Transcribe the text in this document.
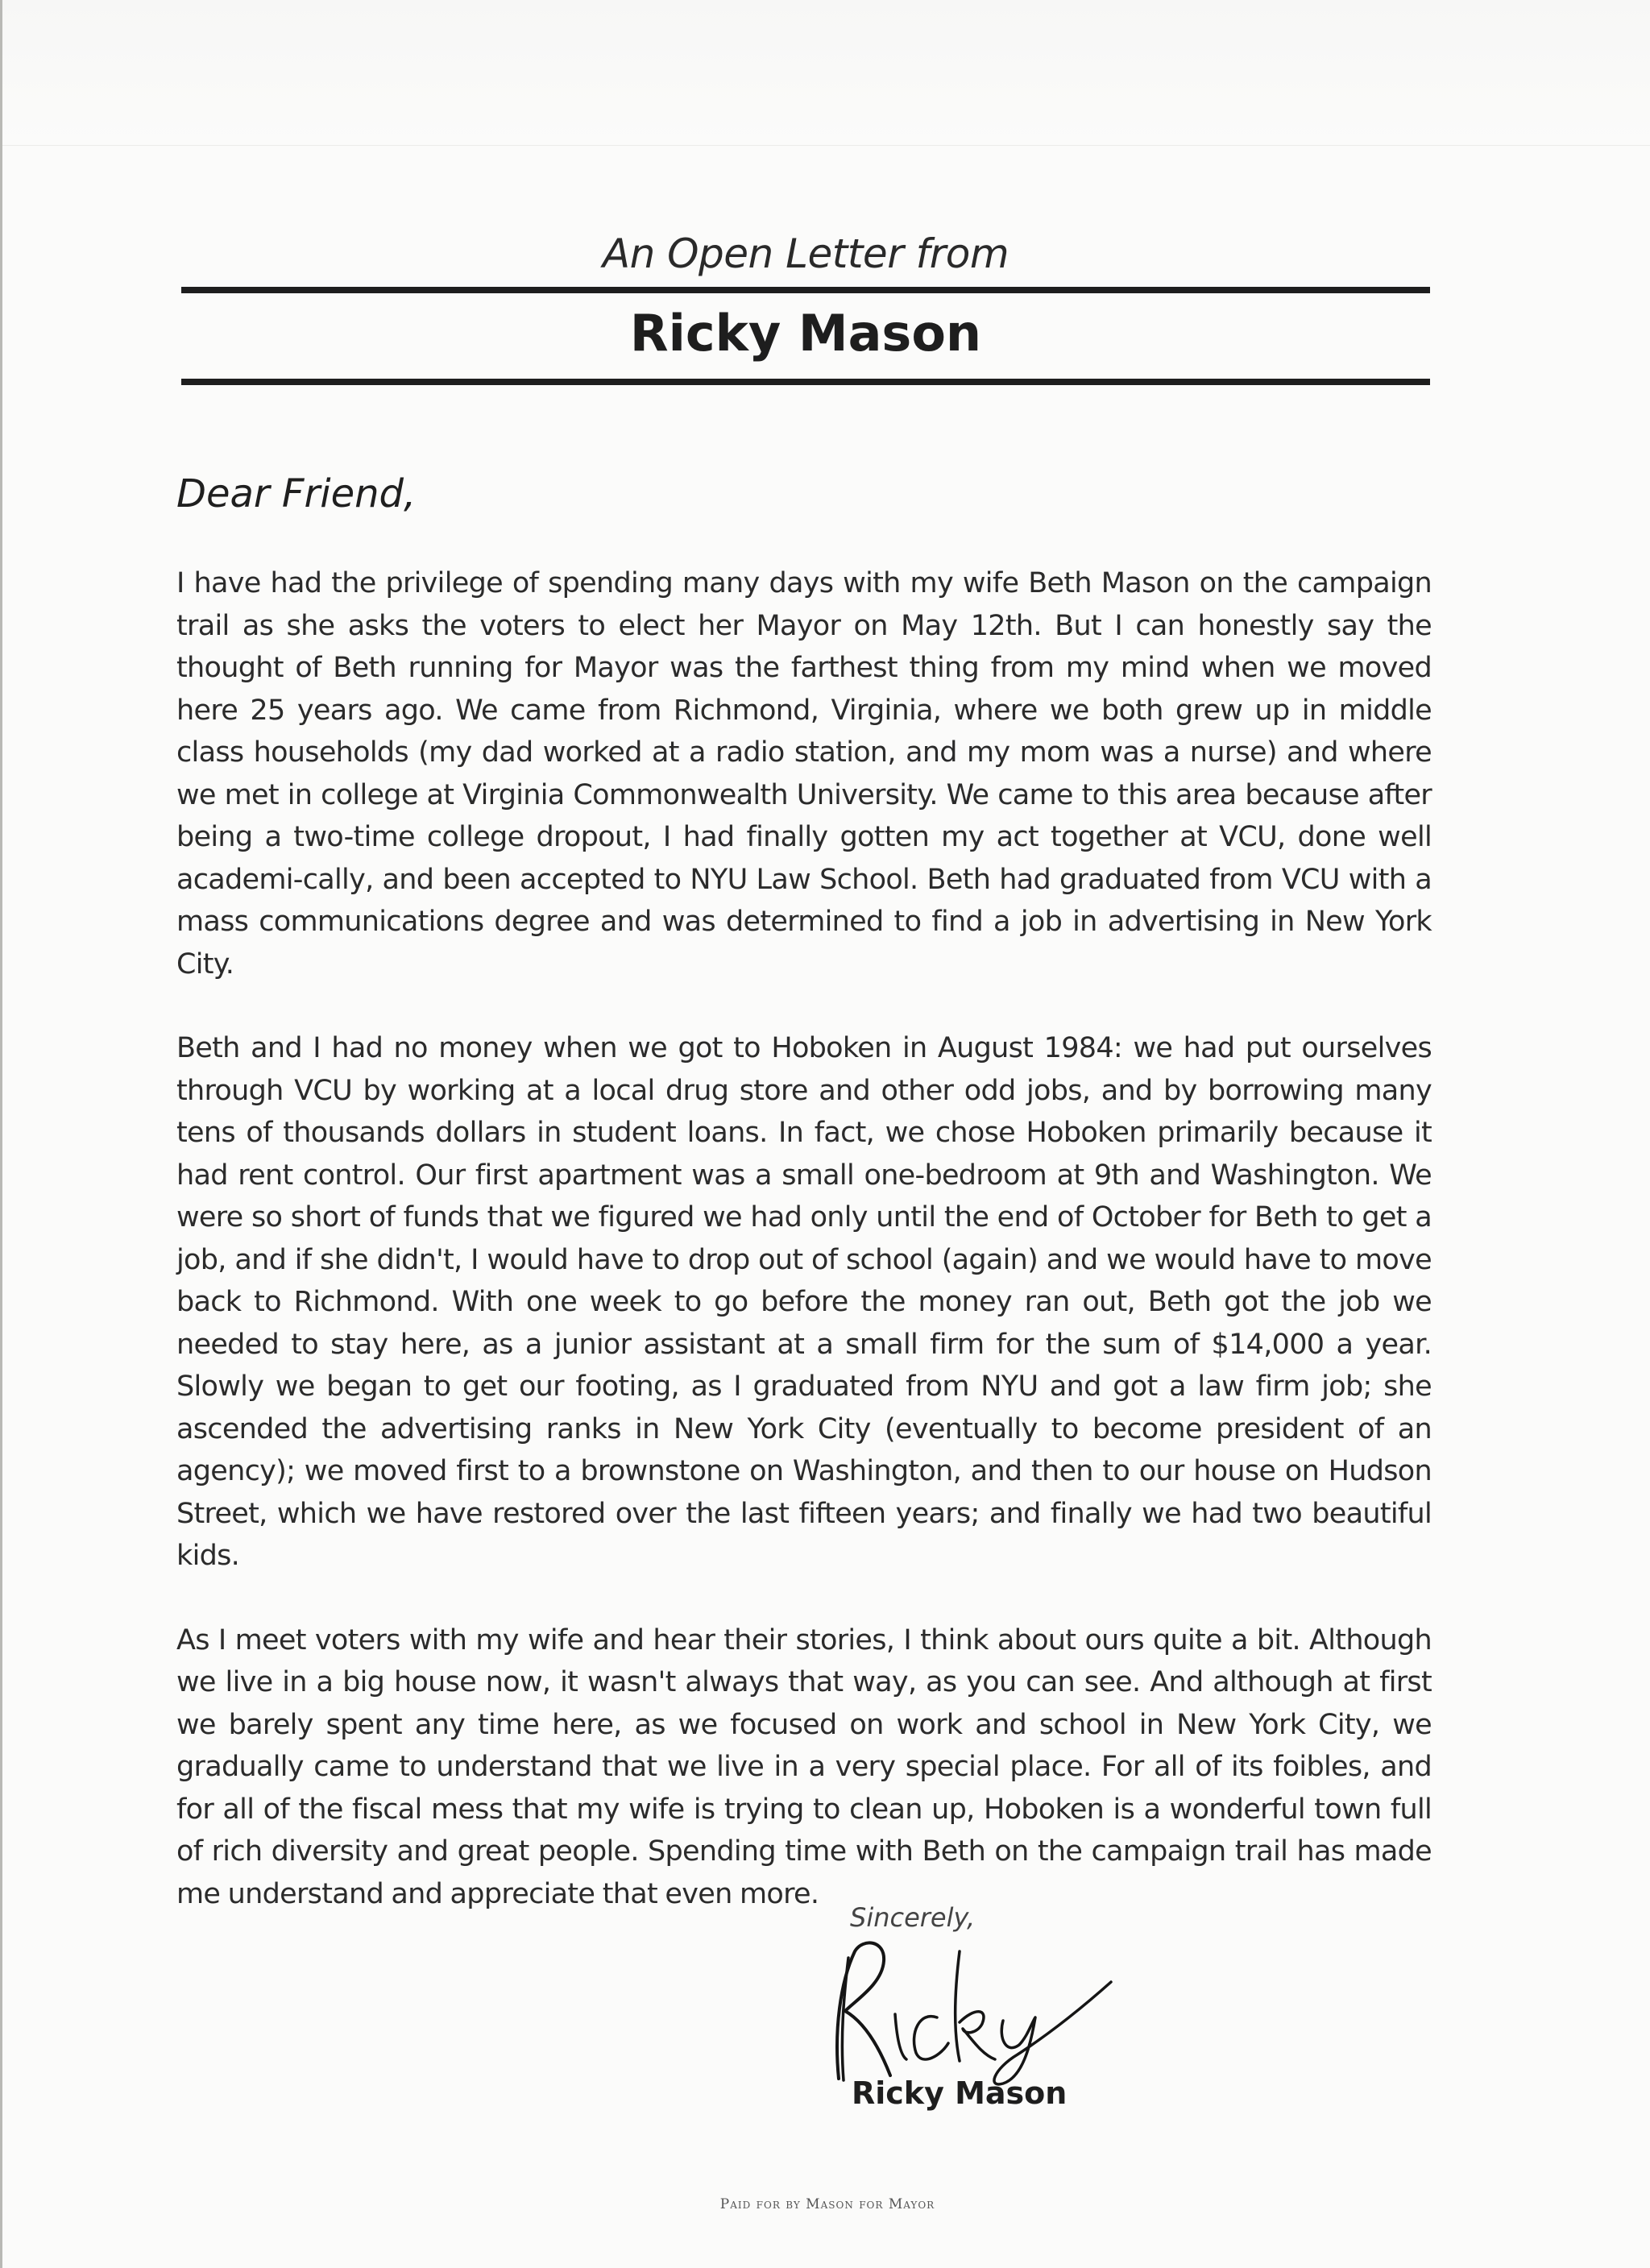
An Open Letter from
Ricky Mason
Dear Friend,

I have had the privilege of spending many days with my wife Beth Mason on the campaign trail as she asks the voters to elect her Mayor on May 12th. But I can honestly say the thought of Beth running for Mayor was the farthest thing from my mind when we moved here 25 years ago. We came from Richmond, Virginia, where we both grew up in middle class households (my dad worked at a radio station, and my mom was a nurse) and where we met in college at Virginia Commonwealth University. We came to this area because after being a two-time college dropout, I had finally gotten my act together at VCU, done well academi-cally, and been accepted to NYU Law School. Beth had graduated from VCU with a mass communications degree and was determined to find a job in advertising in New York City.

Beth and I had no money when we got to Hoboken in August 1984: we had put ourselves through VCU by working at a local drug store and other odd jobs, and by borrowing many tens of thousands dollars in student loans. In fact, we chose Hoboken primarily because it had rent control. Our first apartment was a small one-bedroom at 9th and Washington. We were so short of funds that we figured we had only until the end of October for Beth to get a job, and if she didn't, I would have to drop out of school (again) and we would have to move back to Richmond. With one week to go before the money ran out, Beth got the job we needed to stay here, as a junior assistant at a small firm for the sum of $14,000 a year. Slowly we began to get our footing, as I graduated from NYU and got a law firm job; she ascended the advertising ranks in New York City (eventually to become president of an agency); we moved first to a brownstone on Washington, and then to our house on Hudson Street, which we have restored over the last fifteen years; and finally we had two beautiful kids.

As I meet voters with my wife and hear their stories, I think about ours quite a bit. Although we live in a big house now, it wasn't always that way, as you can see. And although at first we barely spent any time here, as we focused on work and school in New York City, we gradually came to understand that we live in a very special place. For all of its foibles, and for all of the fiscal mess that my wife is trying to clean up, Hoboken is a wonderful town full of rich diversity and great people. Spending time with Beth on the campaign trail has made me understand and appreciate that even more.

Sincerely,
Ricky Mason
Paid for by Mason for Mayor
